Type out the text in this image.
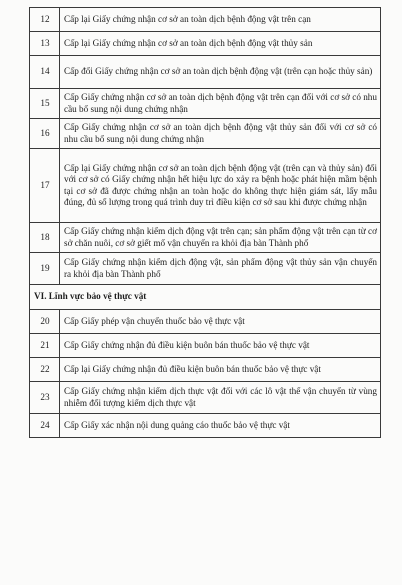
12	Cấp lại Giấy chứng nhận cơ sở an toàn dịch bệnh động vật trên cạn
13	Cấp lại Giấy chứng nhận cơ sở an toàn dịch bệnh động vật thủy sản
14	Cấp đổi Giấy chứng nhận cơ sở an toàn dịch bệnh động vật (trên cạn hoặc thủy sản)
15	Cấp Giấy chứng nhận cơ sở an toàn dịch bệnh động vật trên cạn đối với cơ sở có nhu cầu bổ sung nội dung chứng nhận
16	Cấp Giấy chứng nhận cơ sở an toàn dịch bệnh động vật thủy sản đối với cơ sở có nhu cầu bổ sung nội dung chứng nhận
17	Cấp lại Giấy chứng nhận cơ sở an toàn dịch bệnh động vật (trên cạn và thủy sản) đối với cơ sở có Giấy chứng nhận hết hiệu lực do xảy ra bệnh hoặc phát hiện mầm bệnh tại cơ sở đã được chứng nhận an toàn hoặc do không thực hiện giám sát, lấy mẫu đúng, đủ số lượng trong quá trình duy trì điều kiện cơ sở sau khi được chứng nhận
18	Cấp Giấy chứng nhận kiểm dịch động vật trên cạn; sản phẩm động vật trên cạn từ cơ sở chăn nuôi, cơ sở giết mổ vận chuyển ra khỏi địa bàn Thành phố
19	Cấp Giấy chứng nhận kiểm dịch động vật, sản phẩm động vật thủy sản vận chuyển ra khỏi địa bàn Thành phố
VI. Lĩnh vực bảo vệ thực vật	
20	Cấp Giấy phép vận chuyển thuốc bảo vệ thực vật
21	Cấp Giấy chứng nhận đủ điều kiện buôn bán thuốc bảo vệ thực vật
22	Cấp lại Giấy chứng nhận đủ điều kiện buôn bán thuốc bảo vệ thực vật
23	Cấp Giấy chứng nhận kiểm dịch thực vật đối với các lô vật thể vận chuyển từ vùng nhiễm đối tượng kiểm dịch thực vật
24	Cấp Giấy xác nhận nội dung quảng cáo thuốc bảo vệ thực vật
